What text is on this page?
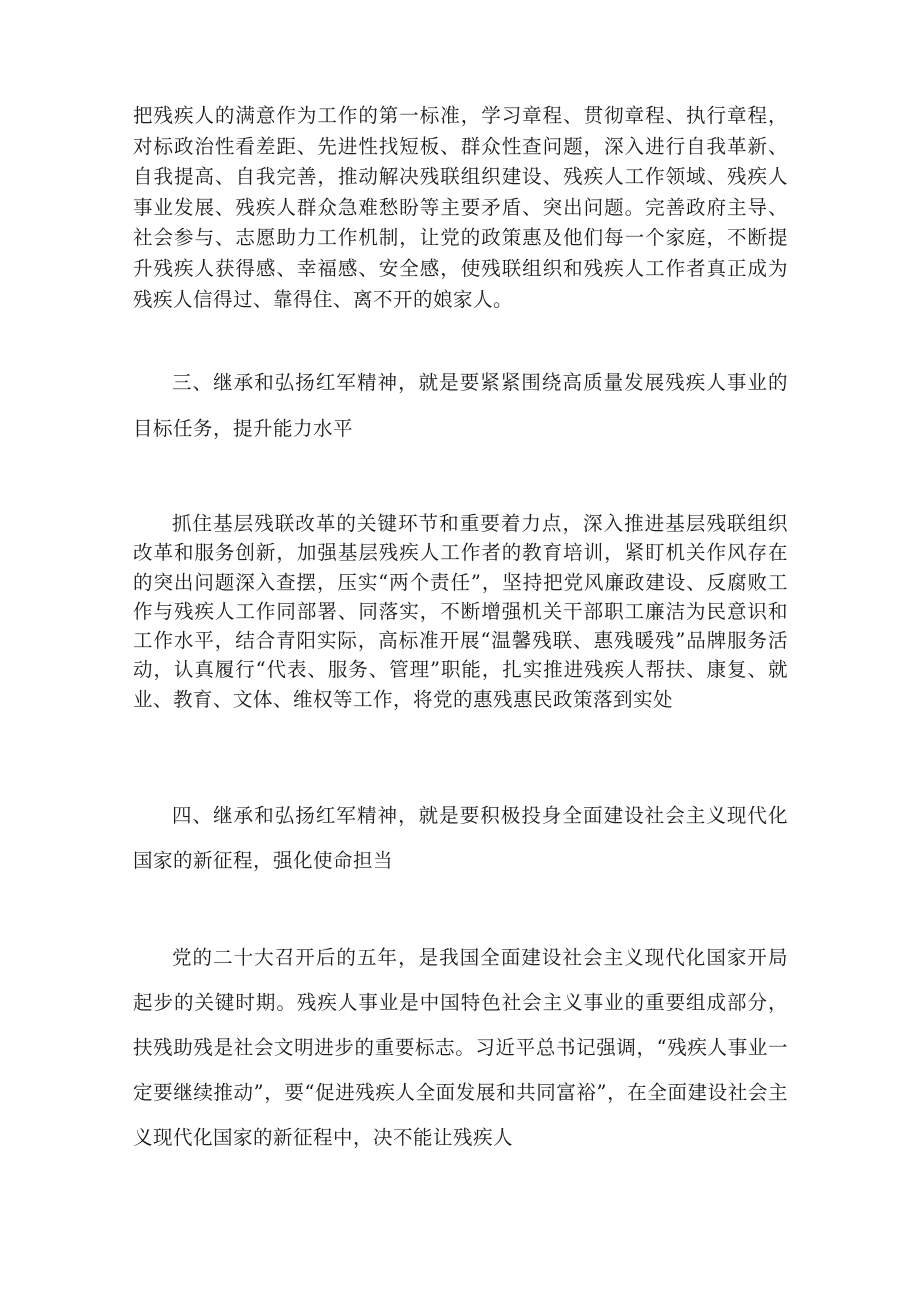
把残疾人的满意作为工作的第一标准，学习章程、贯彻章程、执行章程，对标政治性看差距、先进性找短板、群众性查问题，深入进行自我革新、自我提高、自我完善，推动解决残联组织建设、残疾人工作领域、残疾人事业发展、残疾人群众急难愁盼等主要矛盾、突出问题。完善政府主导、社会参与、志愿助力工作机制，让党的政策惠及他们每一个家庭，不断提升残疾人获得感、幸福感、安全感，使残联组织和残疾人工作者真正成为残疾人信得过、靠得住、离不开的娘家人。

三、继承和弘扬红军精神，就是要紧紧围绕高质量发展残疾人事业的目标任务，提升能力水平

抓住基层残联改革的关键环节和重要着力点，深入推进基层残联组织改革和服务创新，加强基层残疾人工作者的教育培训，紧盯机关作风存在的突出问题深入查摆，压实“两个责任”，坚持把党风廉政建设、反腐败工作与残疾人工作同部署、同落实，不断增强机关干部职工廉洁为民意识和工作水平，结合青阳实际，高标准开展“温馨残联、惠残暖残”品牌服务活动，认真履行“代表、服务、管理”职能，扎实推进残疾人帮扶、康复、就业、教育、文体、维权等工作，将党的惠残惠民政策落到实处

四、继承和弘扬红军精神，就是要积极投身全面建设社会主义现代化国家的新征程，强化使命担当

党的二十大召开后的五年，是我国全面建设社会主义现代化国家开局起步的关键时期。残疾人事业是中国特色社会主义事业的重要组成部分，扶残助残是社会文明进步的重要标志。习近平总书记强调，“残疾人事业一定要继续推动”，要“促进残疾人全面发展和共同富裕”，在全面建设社会主义现代化国家的新征程中，决不能让残疾人
